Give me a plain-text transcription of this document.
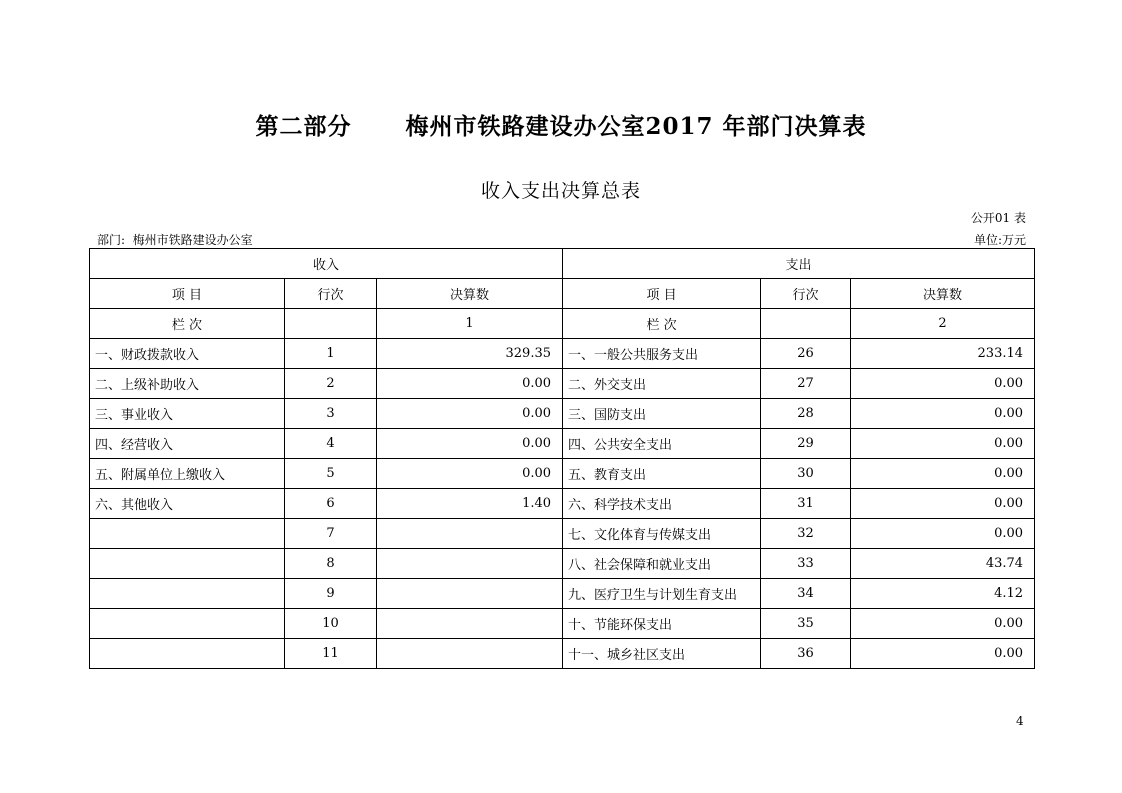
第二部分      梅州市铁路建设办公室2017 年部门决算表
收入支出决算总表
公开01 表
部门:  梅州市铁路建设办公室	单位:万元
收入			支出		
项 目	行次	决算数	项 目	行次	决算数
栏 次		1	栏 次		2
一、财政拨款收入	1	329.35	一、一般公共服务支出	26	233.14
二、上级补助收入	2	0.00	二、外交支出	27	0.00
三、事业收入	3	0.00	三、国防支出	28	0.00
四、经营收入	4	0.00	四、公共安全支出	29	0.00
五、附属单位上缴收入	5	0.00	五、教育支出	30	0.00
六、其他收入	6	1.40	六、科学技术支出	31	0.00
	7		七、文化体育与传媒支出	32	0.00
	8		八、社会保障和就业支出	33	43.74
	9		九、医疗卫生与计划生育支出	34	4.12
	10		十、节能环保支出	35	0.00
	11		十一、城乡社区支出	36	0.00
4
